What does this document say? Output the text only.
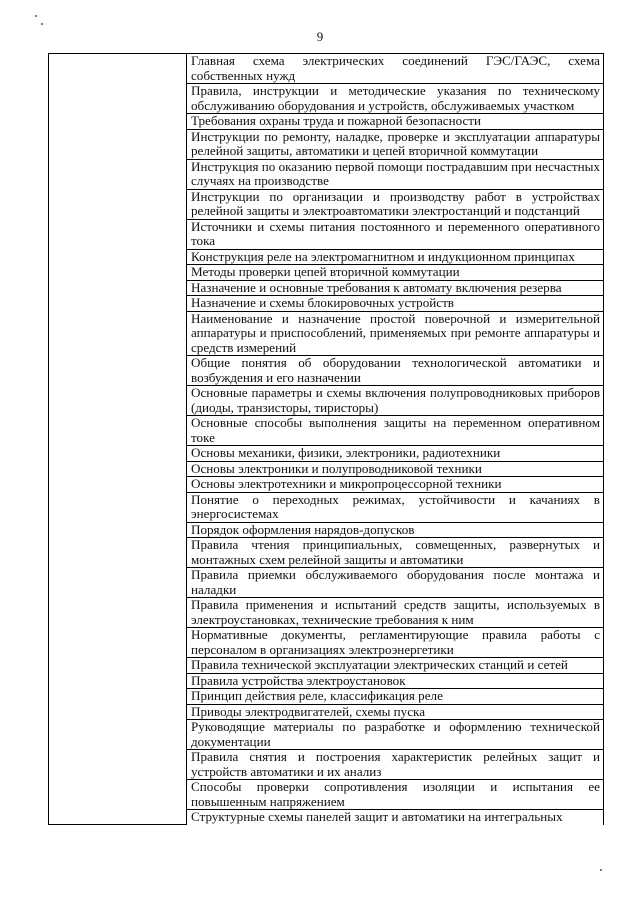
9
	Главная схема электрических соединений ГЭС/ГАЭС, схема собственных нужд
Правила, инструкции и методические указания по техническому обслуживанию оборудования и устройств, обслуживаемых участком
Требования охраны труда и пожарной безопасности
Инструкции по ремонту, наладке, проверке и эксплуатации аппаратуры релейной защиты, автоматики и цепей вторичной коммутации
Инструкция по оказанию первой помощи пострадавшим при несчастных случаях на производстве
Инструкции по организации и производству работ в устройствах релейной защиты и электроавтоматики электростанций и подстанций
Источники и схемы питания постоянного и переменного оперативного тока
Конструкция реле на электромагнитном и индукционном принципах
Методы проверки цепей вторичной коммутации
Назначение и основные требования к автомату включения резерва
Назначение и схемы блокировочных устройств
Наименование и назначение простой поверочной и измерительной аппаратуры и приспособлений, применяемых при ремонте аппаратуры и средств измерений
Общие понятия об оборудовании технологической автоматики и возбуждения и его назначении
Основные параметры и схемы включения полупроводниковых приборов (диоды, транзисторы, тиристоры)
Основные способы выполнения защиты на переменном оперативном токе
Основы механики, физики, электроники, радиотехники
Основы электроники и полупроводниковой техники
Основы электротехники и микропроцессорной техники
Понятие о переходных режимах, устойчивости и качаниях в энергосистемах
Порядок оформления нарядов-допусков
Правила чтения принципиальных, совмещенных, развернутых и монтажных схем релейной защиты и автоматики
Правила приемки обслуживаемого оборудования после монтажа и наладки
Правила применения и испытаний средств защиты, используемых в электроустановках, технические требования к ним
Нормативные документы, регламентирующие правила работы с персоналом в организациях электроэнергетики
Правила технической эксплуатации электрических станций и сетей
Правила устройства электроустановок
Принцип действия реле, классификация реле
Приводы электродвигателей, схемы пуска
Руководящие материалы по разработке и оформлению технической документации
Правила снятия и построения характеристик релейных защит и устройств автоматики и их анализ
Способы проверки сопротивления изоляции и испытания ее повышенным напряжением
Структурные схемы панелей защит и автоматики на интегральных
